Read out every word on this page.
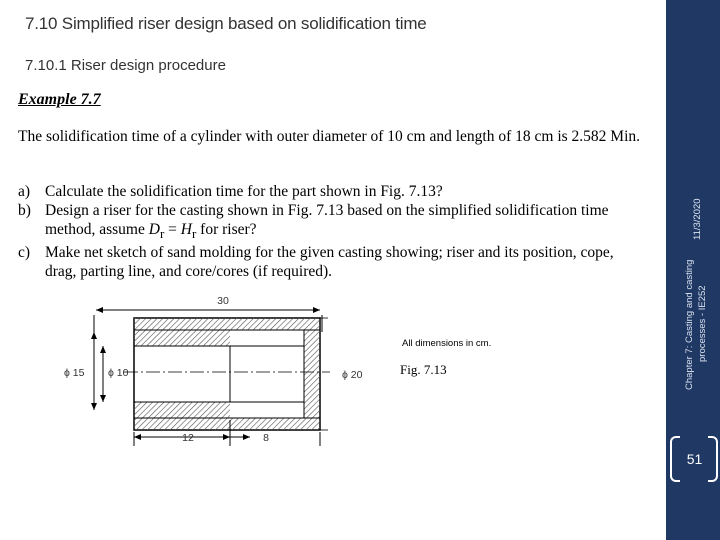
7.10 Simplified riser design based on solidification time
7.10.1 Riser design procedure
Example 7.7

The solidification time of a cylinder with outer diameter of 10 cm and length of 18 cm is 2.582 Min.

a) Calculate the solidification time for the part shown in Fig. 7.13?
b) Design a riser for the casting shown in Fig. 7.13 based on the simplified solidification time method, assume $D_r = H_r$ for riser?
c) Make net sketch of sand molding for the given casting showing; riser and its position, cope, drag, parting line, and core/cores (if required).
30
ϕ 15 ϕ 10	ϕ 20
12	8
All dimensions in cm.
Fig. 7.13
11/3/2020
Chapter 7: Casting and casting processes - IE252
51
